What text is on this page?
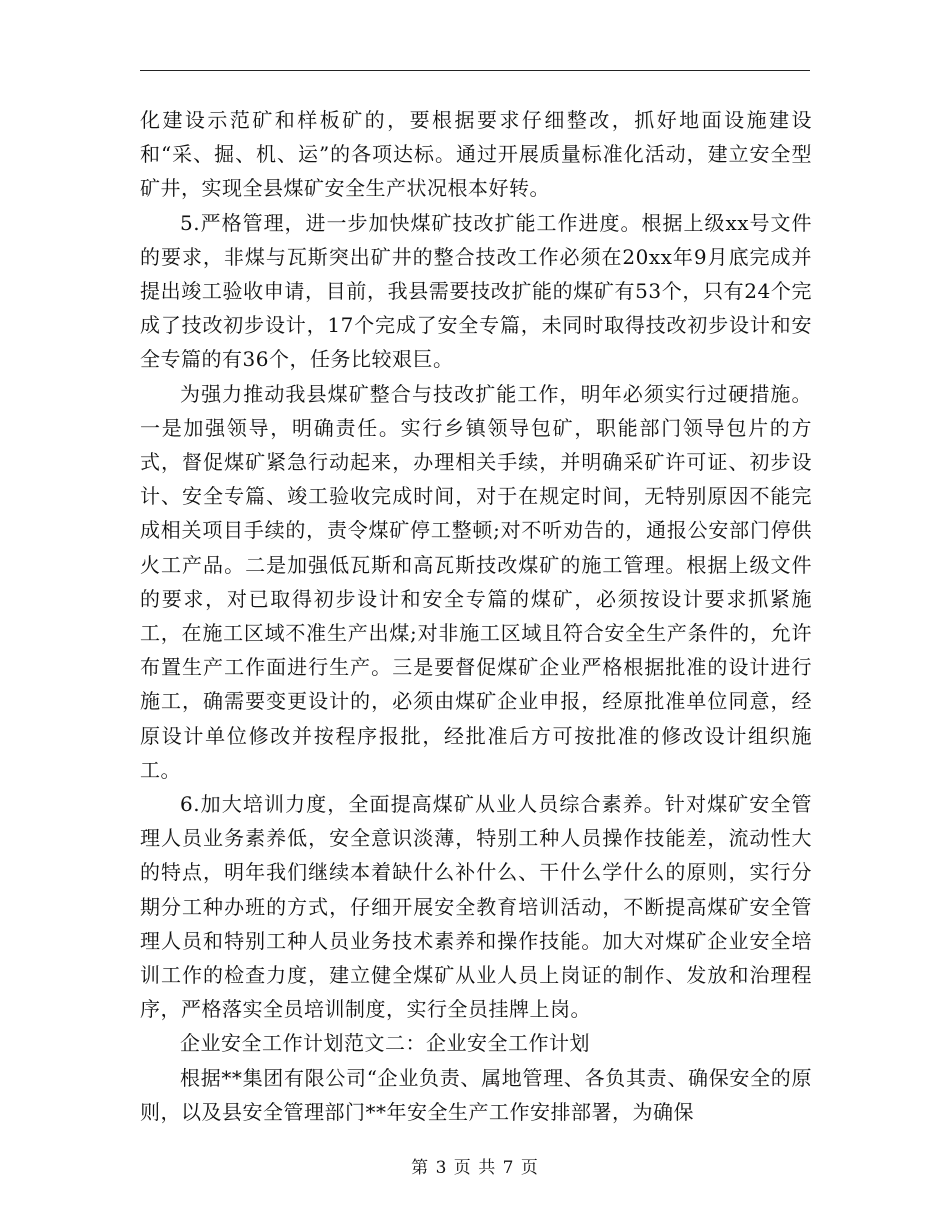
化建设示范矿和样板矿的，要根据要求仔细整改，抓好地面设施建设和“采、掘、机、运”的各项达标。通过开展质量标准化活动，建立安全型矿井，实现全县煤矿安全生产状况根本好转。

5.严格管理，进一步加快煤矿技改扩能工作进度。根据上级xx号文件的要求，非煤与瓦斯突出矿井的整合技改工作必须在20xx年9月底完成并提出竣工验收申请，目前，我县需要技改扩能的煤矿有53个，只有24个完成了技改初步设计，17个完成了安全专篇，未同时取得技改初步设计和安全专篇的有36个，任务比较艰巨。

为强力推动我县煤矿整合与技改扩能工作，明年必须实行过硬措施。一是加强领导，明确责任。实行乡镇领导包矿，职能部门领导包片的方式，督促煤矿紧急行动起来，办理相关手续，并明确采矿许可证、初步设计、安全专篇、竣工验收完成时间，对于在规定时间，无特别原因不能完成相关项目手续的，责令煤矿停工整顿;对不听劝告的，通报公安部门停供火工产品。二是加强低瓦斯和高瓦斯技改煤矿的施工管理。根据上级文件的要求，对已取得初步设计和安全专篇的煤矿，必须按设计要求抓紧施工，在施工区域不准生产出煤;对非施工区域且符合安全生产条件的，允许布置生产工作面进行生产。三是要督促煤矿企业严格根据批准的设计进行施工，确需要变更设计的，必须由煤矿企业申报，经原批准单位同意，经原设计单位修改并按程序报批，经批准后方可按批准的修改设计组织施工。

6.加大培训力度，全面提高煤矿从业人员综合素养。针对煤矿安全管理人员业务素养低，安全意识淡薄，特别工种人员操作技能差，流动性大的特点，明年我们继续本着缺什么补什么、干什么学什么的原则，实行分期分工种办班的方式，仔细开展安全教育培训活动，不断提高煤矿安全管理人员和特别工种人员业务技术素养和操作技能。加大对煤矿企业安全培训工作的检查力度，建立健全煤矿从业人员上岗证的制作、发放和治理程序，严格落实全员培训制度，实行全员挂牌上岗。

企业安全工作计划范文二：企业安全工作计划

根据**集团有限公司“企业负责、属地管理、各负其责、确保安全的原则，以及县安全管理部门**年安全生产工作安排部署，为确保

第 3 页 共 7 页
